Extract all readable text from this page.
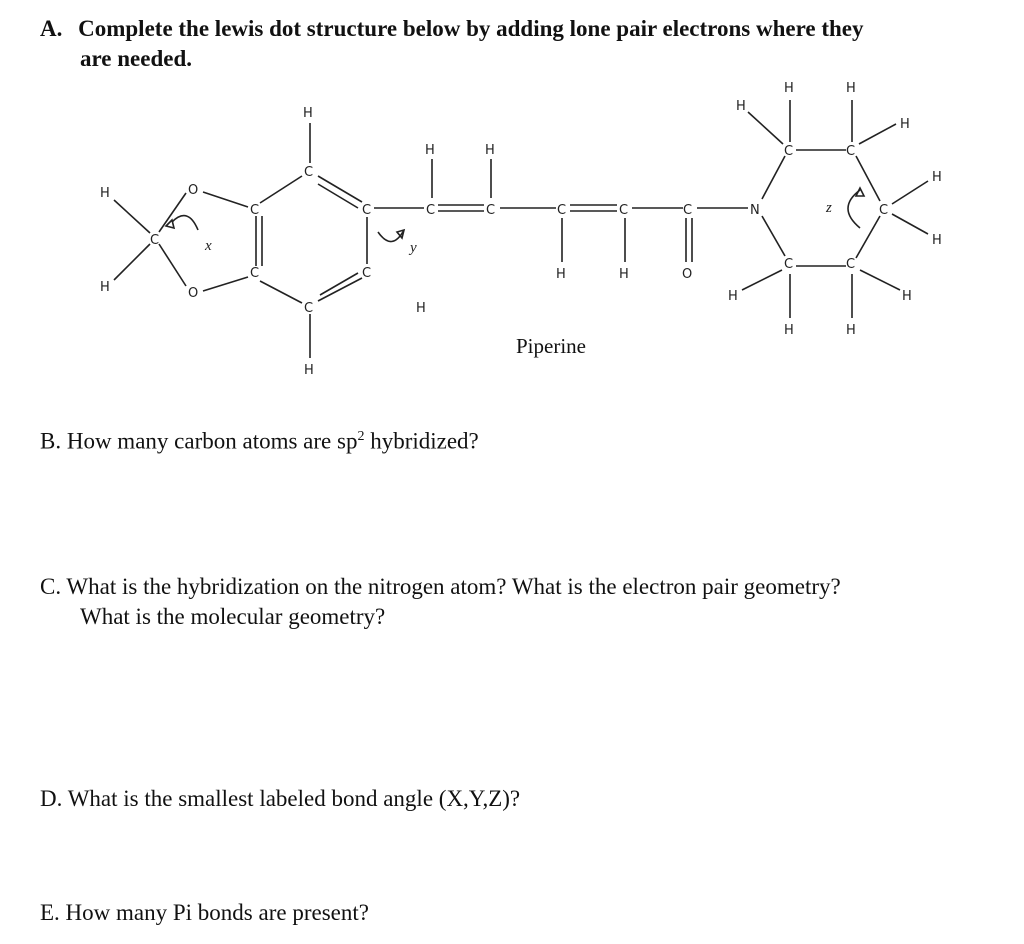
A. Complete the lewis dot structure below by adding lone pair electrons where they
are needed.
H
C
H
H
C
O
O
C
C
C
H
C
C
H
C
H
H
C	C
H
C
H
C
O
N
H	H
H
C	C
H
H
C
H
C	C
H	H
H	H
x	y
z
Piperine
B. How many carbon atoms are $sp^2$ hybridized?
C. What is the hybridization on the nitrogen atom? What is the electron pair geometry?
What is the molecular geometry?
D. What is the smallest labeled bond angle (X,Y,Z)?
E. How many Pi bonds are present?
